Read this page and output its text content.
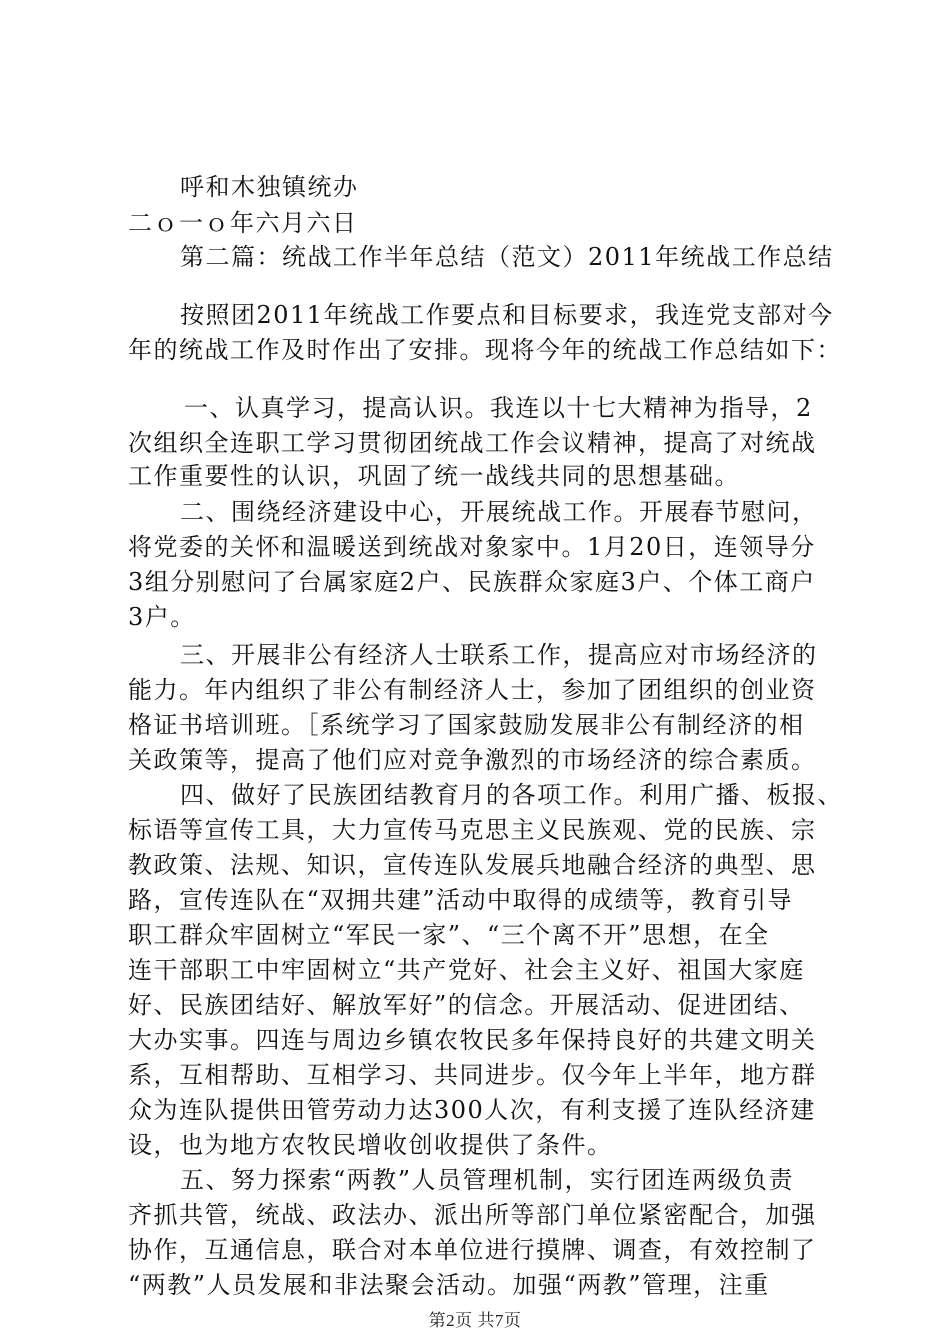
呼和木独镇统办
二ｏ一ｏ年六月六日
第二篇：统战工作半年总结（范文）2011年统战工作总结
按照团2011年统战工作要点和目标要求，我连党支部对今
年的统战工作及时作出了安排。现将今年的统战工作总结如下：
一、认真学习，提高认识。我连以十七大精神为指导，2
次组织全连职工学习贯彻团统战工作会议精神，提高了对统战
工作重要性的认识，巩固了统一战线共同的思想基础。
二、围绕经济建设中心，开展统战工作。开展春节慰问，
将党委的关怀和温暖送到统战对象家中。1月20日，连领导分
3组分别慰问了台属家庭2户、民族群众家庭3户、个体工商户
3户。
三、开展非公有经济人士联系工作，提高应对市场经济的
能力。年内组织了非公有制经济人士，参加了团组织的创业资
格证书培训班。［系统学习了国家鼓励发展非公有制经济的相
关政策等，提高了他们应对竞争激烈的市场经济的综合素质。
四、做好了民族团结教育月的各项工作。利用广播、板报、
标语等宣传工具，大力宣传马克思主义民族观、党的民族、宗
教政策、法规、知识，宣传连队发展兵地融合经济的典型、思
路，宣传连队在“双拥共建”活动中取得的成绩等，教育引导
职工群众牢固树立“军民一家”、“三个离不开”思想，在全
连干部职工中牢固树立“共产党好、社会主义好、祖国大家庭
好、民族团结好、解放军好”的信念。开展活动、促进团结、
大办实事。四连与周边乡镇农牧民多年保持良好的共建文明关
系，互相帮助、互相学习、共同进步。仅今年上半年，地方群
众为连队提供田管劳动力达300人次，有利支援了连队经济建
设，也为地方农牧民增收创收提供了条件。
五、努力探索“两教”人员管理机制，实行团连两级负责
齐抓共管，统战、政法办、派出所等部门单位紧密配合，加强
协作，互通信息，联合对本单位进行摸牌、调查，有效控制了
“两教”人员发展和非法聚会活动。加强“两教”管理，注重
第2页 共7页
